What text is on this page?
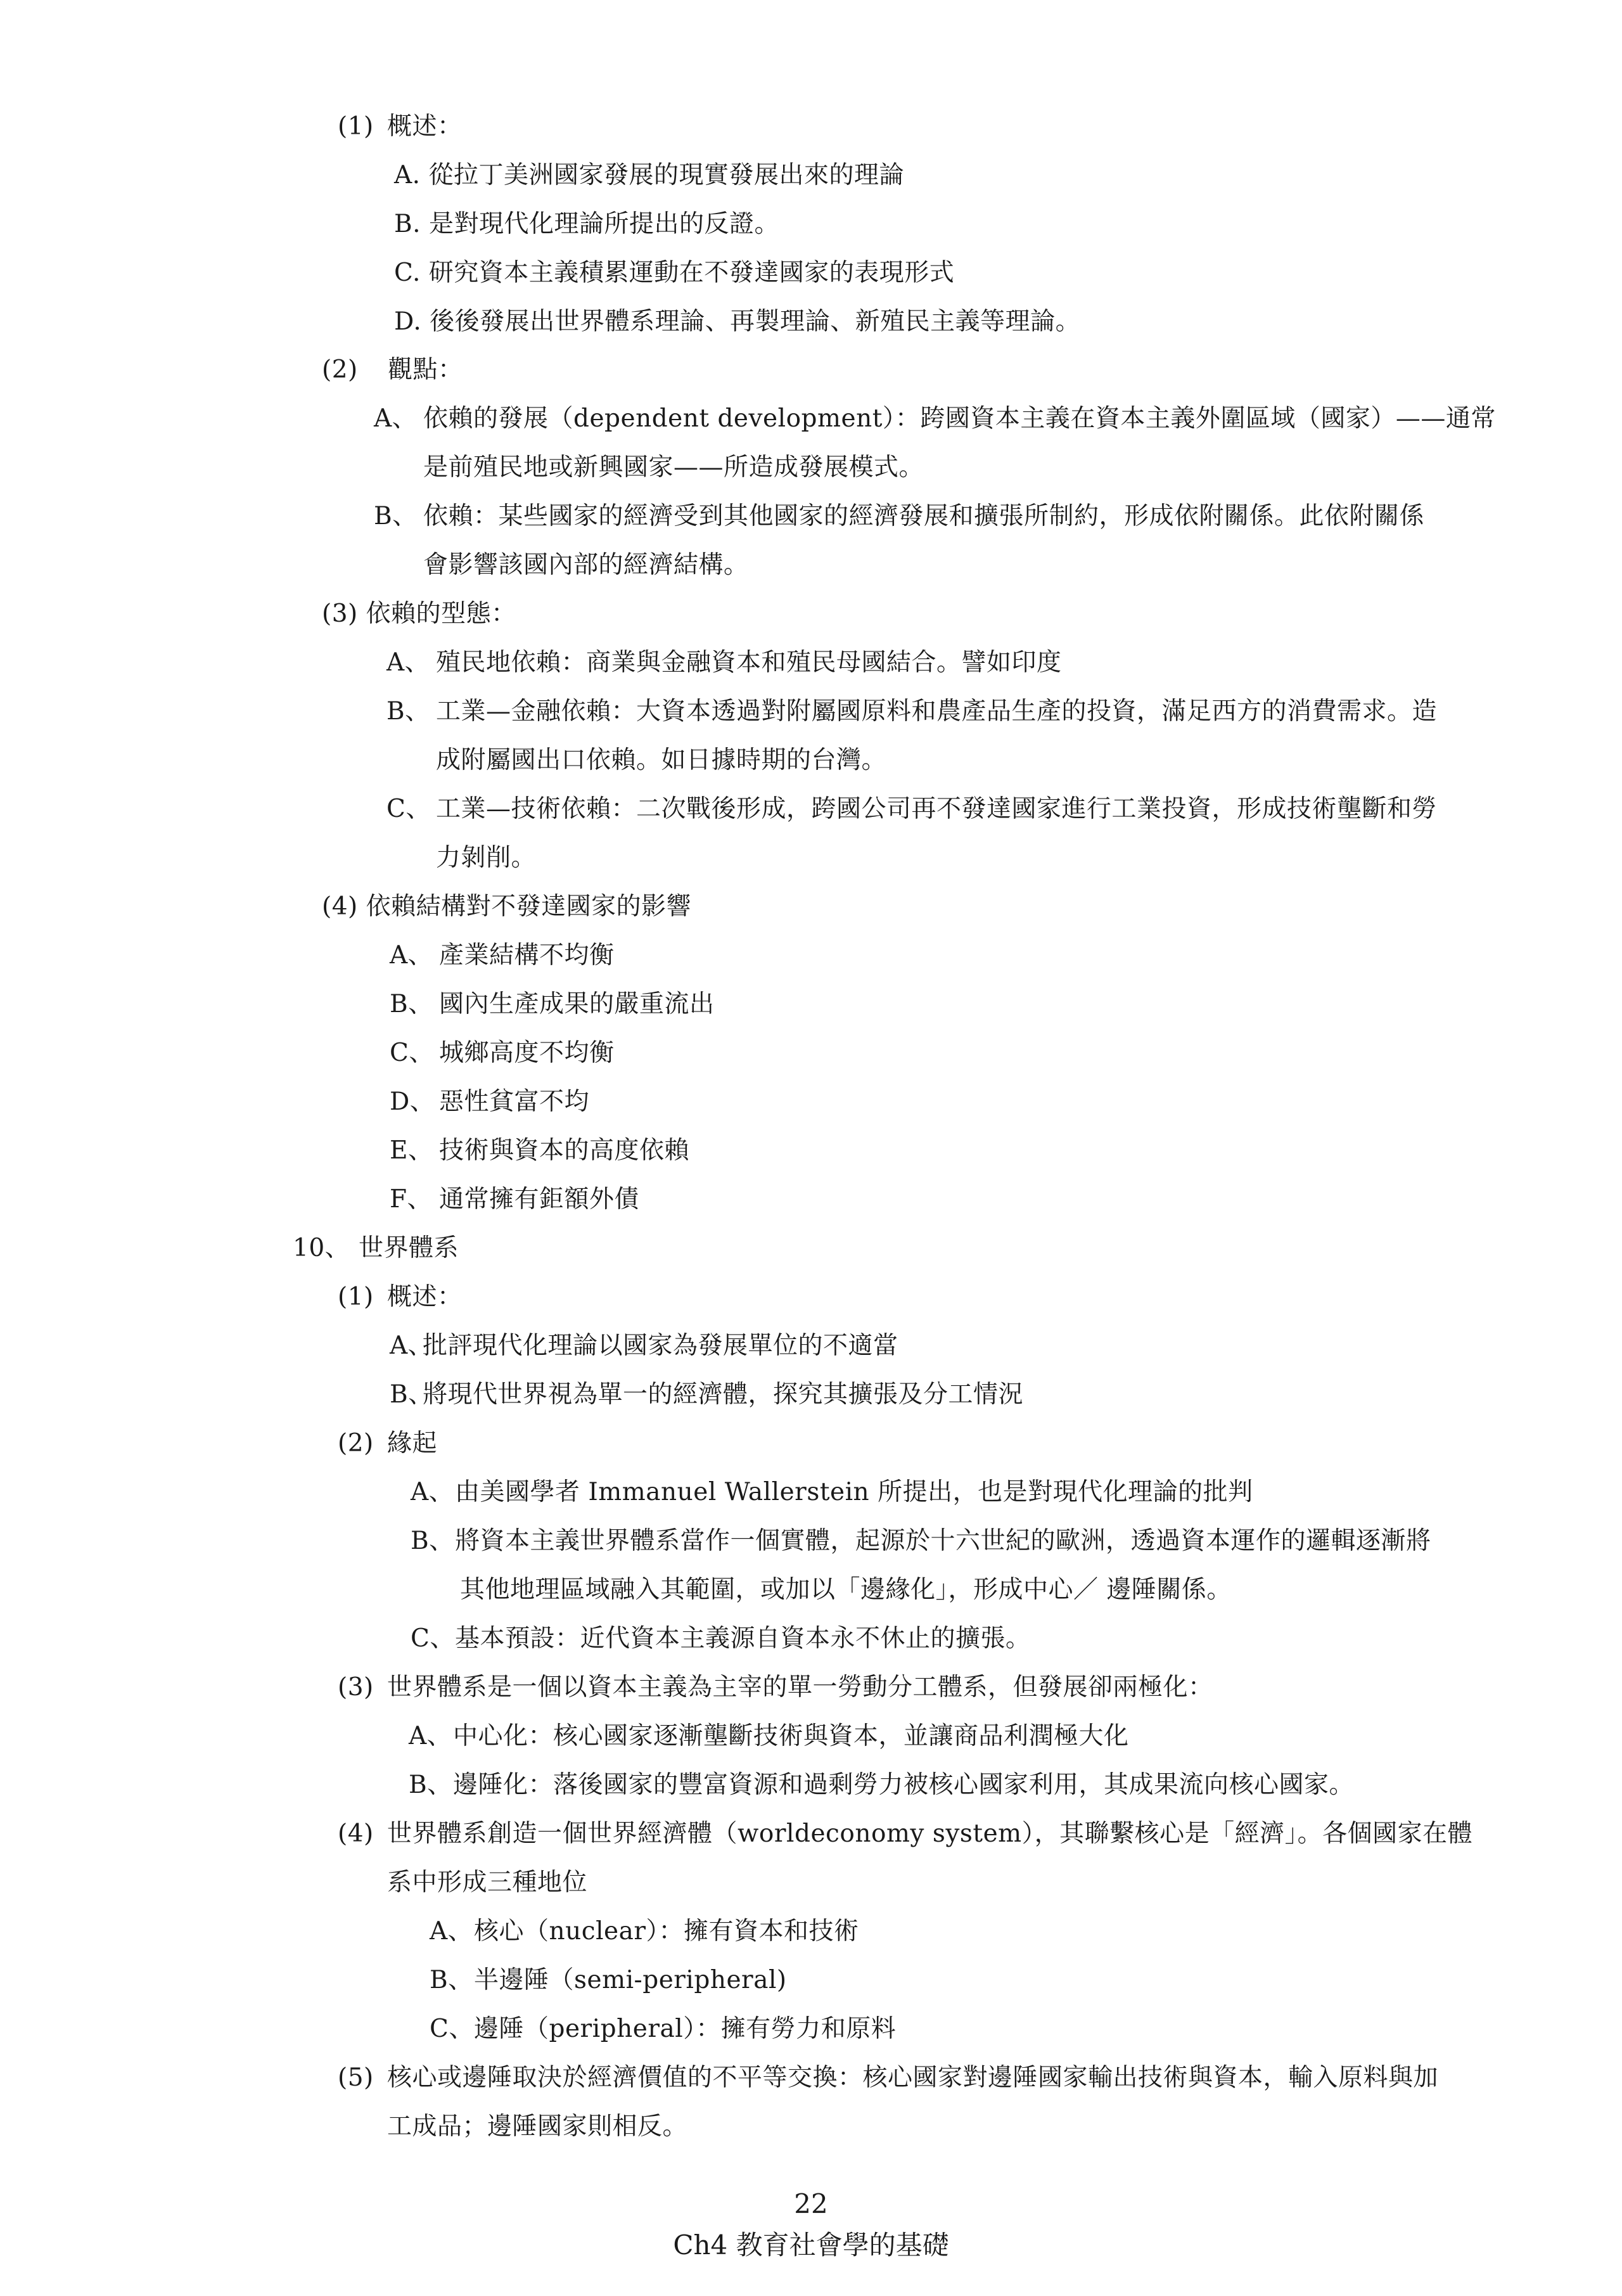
(1) 概述：
A. 從拉丁美洲國家發展的現實發展出來的理論
B. 是對現代化理論所提出的反證。
C. 研究資本主義積累運動在不發達國家的表現形式
D. 後後發展出世界體系理論、再製理論、新殖民主義等理論。
(2) 觀點：
A、 依賴的發展（dependent development）：跨國資本主義在資本主義外圍區域（國家）——通常
是前殖民地或新興國家——所造成發展模式。
B、 依賴：某些國家的經濟受到其他國家的經濟發展和擴張所制約，形成依附關係。此依附關係
會影響該國內部的經濟結構。
(3) 依賴的型態：
A、 殖民地依賴：商業與金融資本和殖民母國結合。譬如印度
B、 工業—金融依賴：大資本透過對附屬國原料和農產品生產的投資，滿足西方的消費需求。造
成附屬國出口依賴。如日據時期的台灣。
C、 工業—技術依賴：二次戰後形成，跨國公司再不發達國家進行工業投資，形成技術壟斷和勞
力剝削。
(4) 依賴結構對不發達國家的影響
A、 產業結構不均衡
B、 國內生產成果的嚴重流出
C、 城鄉高度不均衡
D、 惡性貧富不均
E、 技術與資本的高度依賴
F、 通常擁有鉅額外債
10、 世界體系
(1) 概述：
A、批評現代化理論以國家為發展單位的不適當
B、將現代世界視為單一的經濟體，探究其擴張及分工情況
(2) 緣起
A、由美國學者 Immanuel Wallerstein 所提出，也是對現代化理論的批判
B、將資本主義世界體系當作一個實體，起源於十六世紀的歐洲，透過資本運作的邏輯逐漸將
其他地理區域融入其範圍，或加以「邊緣化」，形成中心／ 邊陲關係。
C、基本預設：近代資本主義源自資本永不休止的擴張。
(3) 世界體系是一個以資本主義為主宰的單一勞動分工體系，但發展卻兩極化：
A、中心化：核心國家逐漸壟斷技術與資本，並讓商品利潤極大化
B、邊陲化：落後國家的豐富資源和過剩勞力被核心國家利用，其成果流向核心國家。
(4) 世界體系創造一個世界經濟體（worldeconomy system），其聯繫核心是「經濟」。各個國家在體
系中形成三種地位
A、核心（nuclear）：擁有資本和技術
B、半邊陲（semi-peripheral)
C、邊陲（peripheral）：擁有勞力和原料
(5) 核心或邊陲取決於經濟價值的不平等交換：核心國家對邊陲國家輸出技術與資本，輸入原料與加
工成品；邊陲國家則相反。
22
Ch4 教育社會學的基礎
